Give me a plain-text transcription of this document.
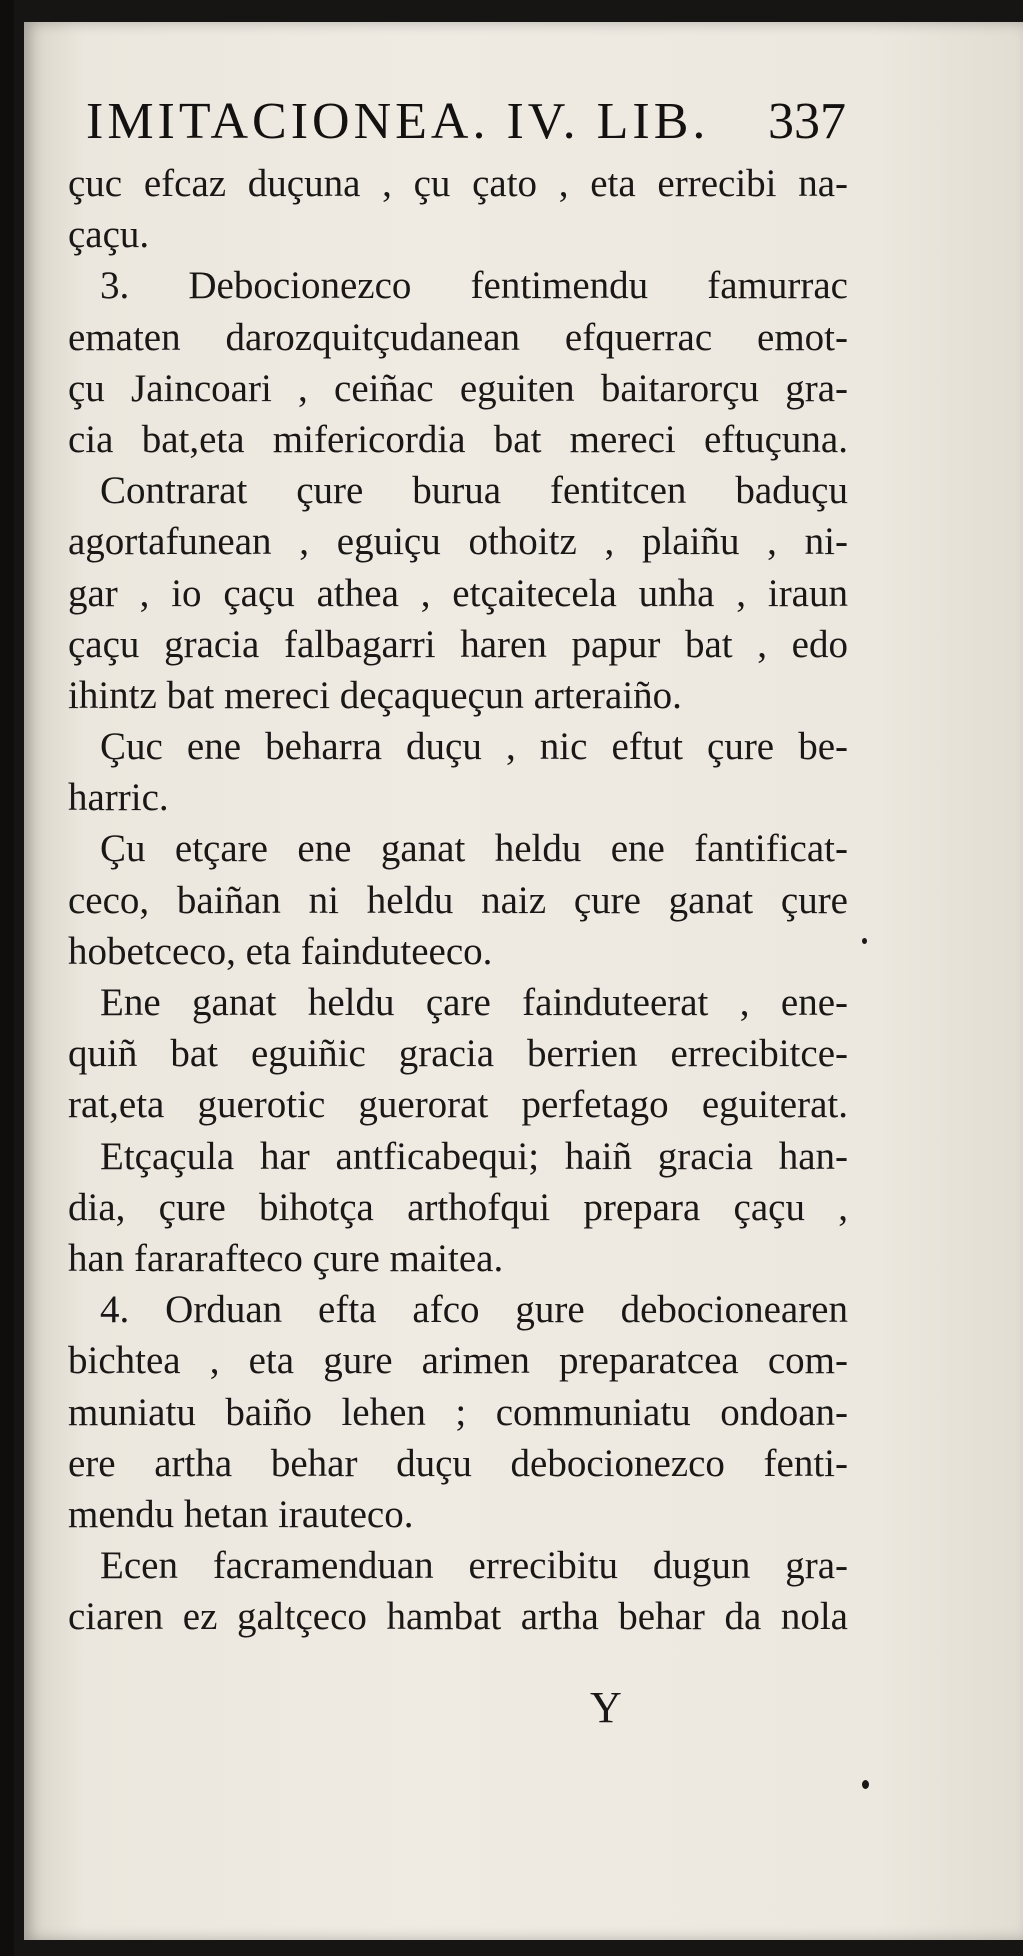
IMITACIONEA. IV. LIB. 337
çuc efcaz duçuna , çu çato , eta errecibi na-
çaçu.
3. Debocionezco fentimendu famurrac
ematen darozquitçudanean efquerrac emot-
çu Jaincoari , ceiñac eguiten baitarorçu gra-
cia bat,eta mifericordia bat mereci eftuçuna.
Contrarat çure burua fentitcen baduçu
agortafunean , eguiçu othoitz , plaiñu , ni-
gar , io çaçu athea , etçaitecela unha , iraun
çaçu gracia falbagarri haren papur bat , edo
ihintz bat mereci deçaqueçun arteraiño.
Çuc ene beharra duçu , nic eftut çure be-
harric.
Çu etçare ene ganat heldu ene fantificat-
ceco, baiñan ni heldu naiz çure ganat çure
hobetceco, eta fainduteeco.
Ene ganat heldu çare fainduteerat , ene-
quiñ bat eguiñic gracia berrien errecibitce-
rat,eta guerotic guerorat perfetago eguiterat.
Etçaçula har antficabequi; haiñ gracia han-
dia, çure bihotça arthofqui prepara çaçu ,
han fararafteco çure maitea.
4. Orduan efta afco gure debocionearen
bichtea , eta gure arimen preparatcea com-
muniatu baiño lehen ; communiatu ondoan-
ere artha behar duçu debocionezco fenti-
mendu hetan irauteco.
Ecen facramenduan errecibitu dugun gra-
ciaren ez galtçeco hambat artha behar da nola
Y
